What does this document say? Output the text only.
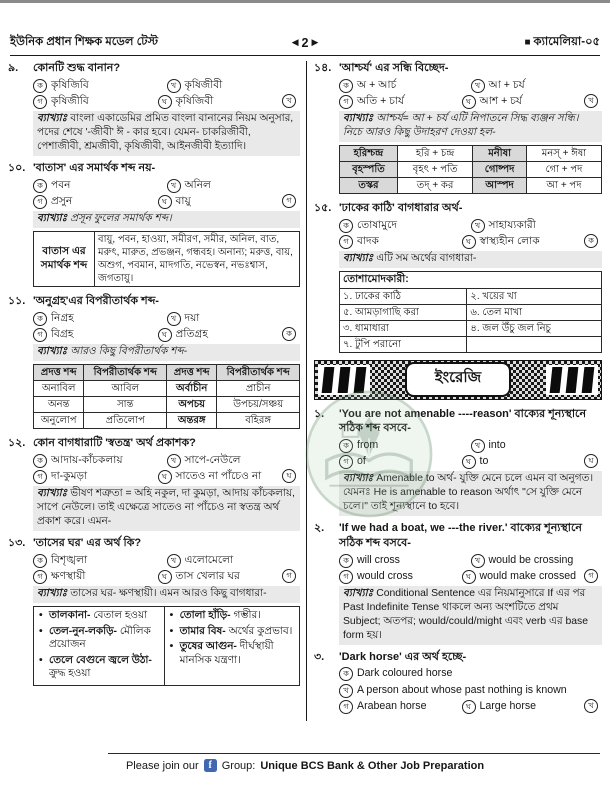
ইউনিক প্রধান শিক্ষক মডেল টেস্ট	◀ 2 ▶	■ ক্যামেলিয়া-০৫
৯.	কোনটি শুদ্ধ বানান?
ক কৃষিজিবি	খ কৃষিজীবী
গ কৃষিজীবি	ঘ কৃষিজিবী	খ
ব্যাখ্যাঃ বাংলা একাডেমির প্রমিত বাংলা বানানের নিয়ম অনুসার, পদের শেষে '-জীবী' ঈ - কার হবে। যেমন- চাকরিজীবী, পেশাজীবী, শ্রমজীবী, কৃষিজীবী, আইনজীবী ইত্যাদি।
১০. 'বাতাস' এর সমার্থক শব্দ নয়-
ক পবন	খ অনিল
গ প্রসুন	ঘ বায়ু	গ
ব্যাখ্যাঃ প্রসূন ফুলের সমার্থক শব্দ।
বাতাস এর সমার্থক শব্দ	বায়ু, পবন, হাওয়া, সমীরণ, সমীর, অনিল, বাত, মরুৎ, মারুত, প্রভঞ্জন, গন্ধবহ। অনান্য; মরুত্ত, বায়, অশুগ, পবমান, মাদগতি, নভেস্বন, নভঃশ্বাস, জগতায়ু।
১১. 'অনুগ্রহ'এর বিপরীতার্থক শব্দ-
ক নিগ্রহ	খ দয়া
গ বিগ্রহ	ঘ প্রতিগ্রহ	ক
ব্যাখ্যাঃ আরও কিছু বিপরীতার্থক শব্দ-
প্রদত্ত শব্দ	বিপরীতার্থক শব্দ	প্রদত্ত শব্দ	বিপরীতার্থক শব্দ
অনাবিল	আবিল	অর্বাচীন	প্রাচীন
অনন্ত	সান্ত	অপচয়	উপচয়/সঞ্চয়
অনুলোপ	প্রতিলোপ	অন্তরঙ্গ	বহিরঙ্গ
১২. কোন বাগধারাটি 'স্বতন্ত্র' অর্থ প্রকাশক?
ক আদায়-কাঁচকলায়	খ সাপে-নেউলে
গ দা-কুমড়া	ঘ সাতেও না পাঁচেও না	ঘ
ব্যাখ্যাঃ ভীষণ শত্রুতা = অহি নকুল, দা কুমড়া, আদায় কাঁচকলায়, সাপে নেউলে। তাই এক্ষেত্রে সাতেও না পাঁচেও না স্বতন্ত্র অর্থ প্রকাশ করে। এমন-
১৩. 'তাসের ঘর' এর অর্থ কি?
ক বিশৃঙ্খলা	খ এলোমেলো
গ ক্ষণস্থায়ী	ঘ তাস খেলার ঘর	গ
ব্যাখ্যাঃ তাসের ঘর- ক্ষণস্থায়ী। এমন আরও কিছু বাগধারা-
• তালকানা- বেতাল হওয়া
• তেল-নুন-লকড়ি- মৌলিক প্রয়োজন
• তেলে বেগুনে জ্বলে উঠা- ক্রুদ্ধ হওয়া

• তোলা হাঁড়ি- গম্ভীর।
• তামার বিষ- অর্থের কুপ্রভাব।
• তুষের আগুন- দীর্ঘস্থায়ী মানসিক যন্ত্রণা।
১৪. 'আশ্চর্য' এর সন্ধি বিচ্ছেদ-
ক অ + আর্চ	খ আ + চর্য
গ অতি + চার্য	ঘ আশ + চর্য	খ
ব্যাখ্যাঃ আশ্চর্য= আ + চর্য এটি নিপাতনে সিদ্ধ ব্যঞ্জন সন্ধি। নিচে আরও কিছু উদাহরণ দেওয়া হল-
হরিশ্চন্দ্র	হরি + চন্দ্র	মনীষা	মনস্ + ঈষা
বৃহস্পতি	বৃহৎ + পতি	গোষ্পদ	গো + পদ
তস্কর	তদ্ + কর	আস্পদ	আ + পদ
১৫. 'ঢাকের কাঠি' বাগধারার অর্থ-
ক তোষামুদে	খ সাহায্যকারী
গ বাদক	ঘ স্বাস্থ্যহীন লোক	ক
ব্যাখ্যাঃ এটি সম অর্থের বাগধারা-
তোশামোদকারী:	
১. ঢাকের কাঠি	২. খয়ের খা
৫. আমড়াগাছি করা	৬. তেল মাখা
৩. ধামাধারা	৪. জল উঁচু জল নিচু
৭. টুপি পরানো	
ইংরেজি
১.	'You are not amenable ----reason' বাক্যের শূন্যস্থানে সঠিক শব্দ বসবে-
ক from	খ into
গ of	ঘ to	ঘ
ব্যাখ্যাঃ Amenable to অর্থ- যুক্তি মেনে চলে এমন বা অনুগত। যেমনঃ He is amenable to reason অর্থাৎ "সে যুক্তি মেনে চলে।" তাই শূন্যস্থানে to হবে।
২.	'If we had a boat, we ---the river.' বাক্যের শূন্যস্থানে সঠিক শব্দ বসবে-
ক will cross	খ would be crossing
গ would cross	ঘ would make crossed	গ
ব্যাখ্যাঃ Conditional Sentence এর নিয়মানুসারে If এর পর Past Indefinite Tense থাকলে অন্য অংশটিতে প্রথম Subject; অতপর; would/could/might এবং verb এর base form হয়।
৩.	'Dark horse' এর অর্থ হচ্ছে-
ক Dark coloured horse
খ A person about whose past nothing is known
গ Arabean horse	ঘ Large horse	খ
Please join our f Group: Unique BCS Bank & Other Job Preparation
